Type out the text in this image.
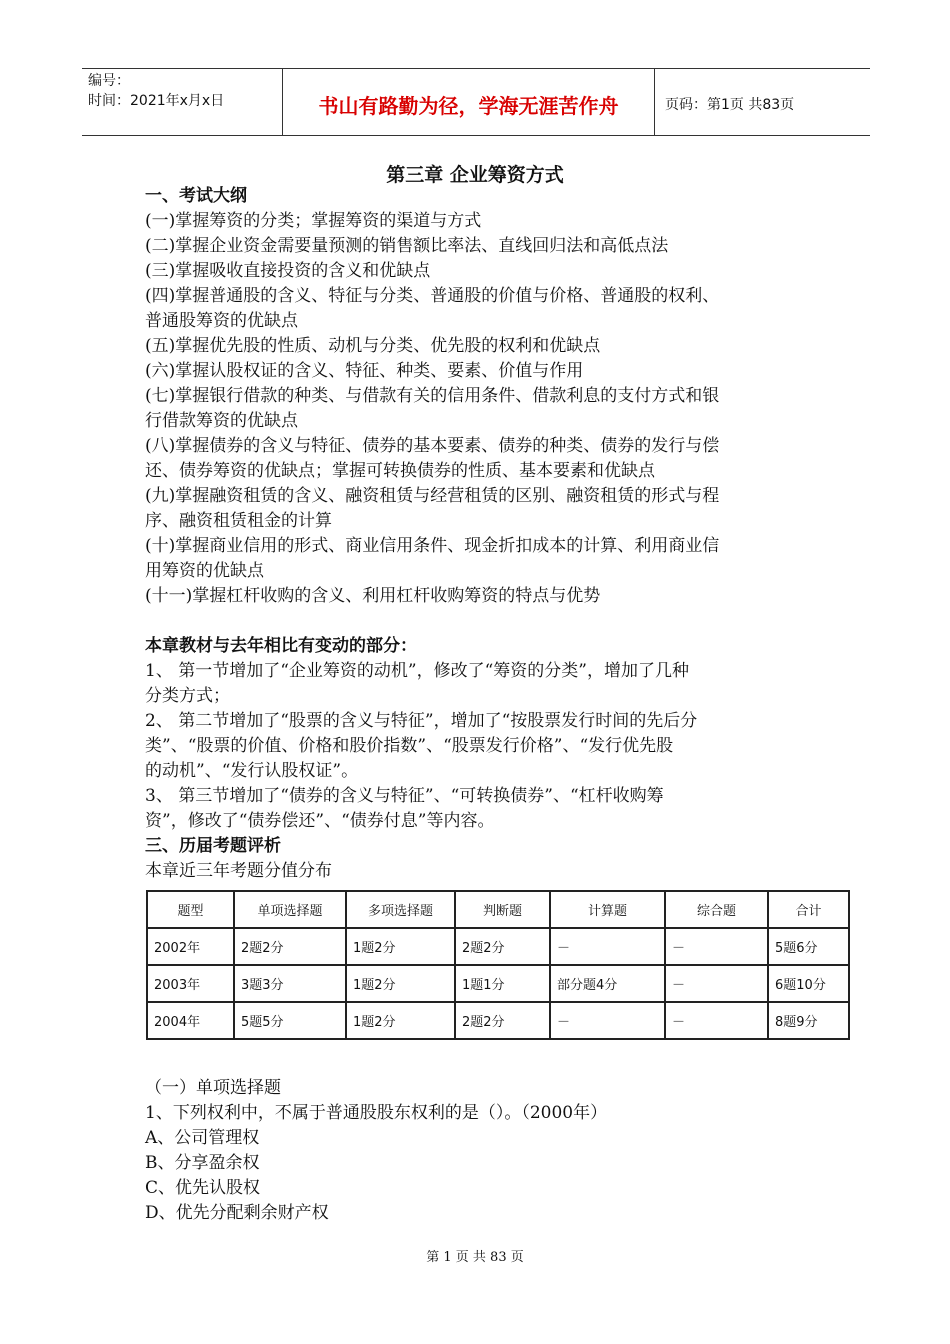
编号：
时间：2021年x月x日	书山有路勤为径，学海无涯苦作舟	页码：第1页 共83页
第三章 企业筹资方式

一、考试大纲

(一)掌握筹资的分类；掌握筹资的渠道与方式

(二)掌握企业资金需要量预测的销售额比率法、直线回归法和高低点法

(三)掌握吸收直接投资的含义和优缺点

(四)掌握普通股的含义、特征与分类、普通股的价值与价格、普通股的权利、

普通股筹资的优缺点

(五)掌握优先股的性质、动机与分类、优先股的权利和优缺点

(六)掌握认股权证的含义、特征、种类、要素、价值与作用

(七)掌握银行借款的种类、与借款有关的信用条件、借款利息的支付方式和银

行借款筹资的优缺点

(八)掌握债券的含义与特征、债券的基本要素、债券的种类、债券的发行与偿

还、债券筹资的优缺点；掌握可转换债券的性质、基本要素和优缺点

(九)掌握融资租赁的含义、融资租赁与经营租赁的区别、融资租赁的形式与程

序、融资租赁租金的计算

(十)掌握商业信用的形式、商业信用条件、现金折扣成本的计算、利用商业信

用筹资的优缺点

(十一)掌握杠杆收购的含义、利用杠杆收购筹资的特点与优势

本章教材与去年相比有变动的部分：

1、 第一节增加了“企业筹资的动机”，修改了“筹资的分类”，增加了几种

分类方式；

2、 第二节增加了“股票的含义与特征”，增加了“按股票发行时间的先后分

类”、“股票的价值、价格和股价指数”、“股票发行价格”、“发行优先股

的动机”、“发行认股权证”。

3、 第三节增加了“债券的含义与特征”、“可转换债券”、“杠杆收购筹

资”，修改了“债券偿还”、“债券付息”等内容。

三、历届考题评析

本章近三年考题分值分布

题型	单项选择题	多项选择题	判断题	计算题	综合题	合计
2002年	2题2分	1题2分	2题2分	－	－	5题6分
2003年	3题3分	1题2分	1题1分	部分题4分	－	6题10分
2004年	5题5分	1题2分	2题2分	－	－	8题9分

（一）单项选择题

1、下列权利中，不属于普通股股东权利的是（）。（2000年）

A、公司管理权

B、分享盈余权

C、优先认股权

D、优先分配剩余财产权

第 1 页 共 83 页
